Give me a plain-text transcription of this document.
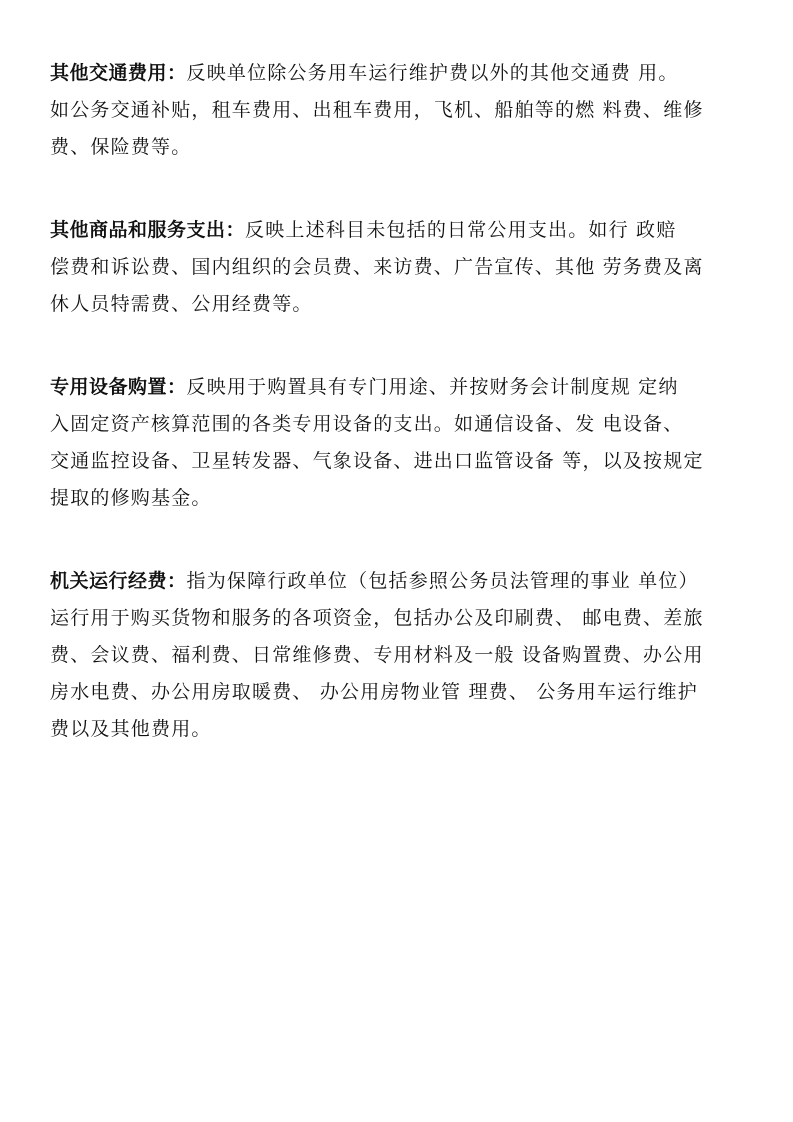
其他交通费用：反映单位除公务用车运行维护费以外的其他交通费 用。
如公务交通补贴，租车费用、出租车费用，飞机、船舶等的燃 料费、维修
费、保险费等。
其他商品和服务支出：反映上述科目未包括的日常公用支出。如行 政赔
偿费和诉讼费、国内组织的会员费、来访费、广告宣传、其他 劳务费及离
休人员特需费、公用经费等。
专用设备购置：反映用于购置具有专门用途、并按财务会计制度规 定纳
入固定资产核算范围的各类专用设备的支出。如通信设备、发 电设备、
交通监控设备、卫星转发器、气象设备、进出口监管设备 等，以及按规定
提取的修购基金。
机关运行经费：指为保障行政单位（包括参照公务员法管理的事业 单位）
运行用于购买货物和服务的各项资金，包括办公及印刷费、 邮电费、差旅
费、会议费、福利费、日常维修费、专用材料及一般 设备购置费、办公用
房水电费、办公用房取暖费、 办公用房物业管 理费、 公务用车运行维护
费以及其他费用。
